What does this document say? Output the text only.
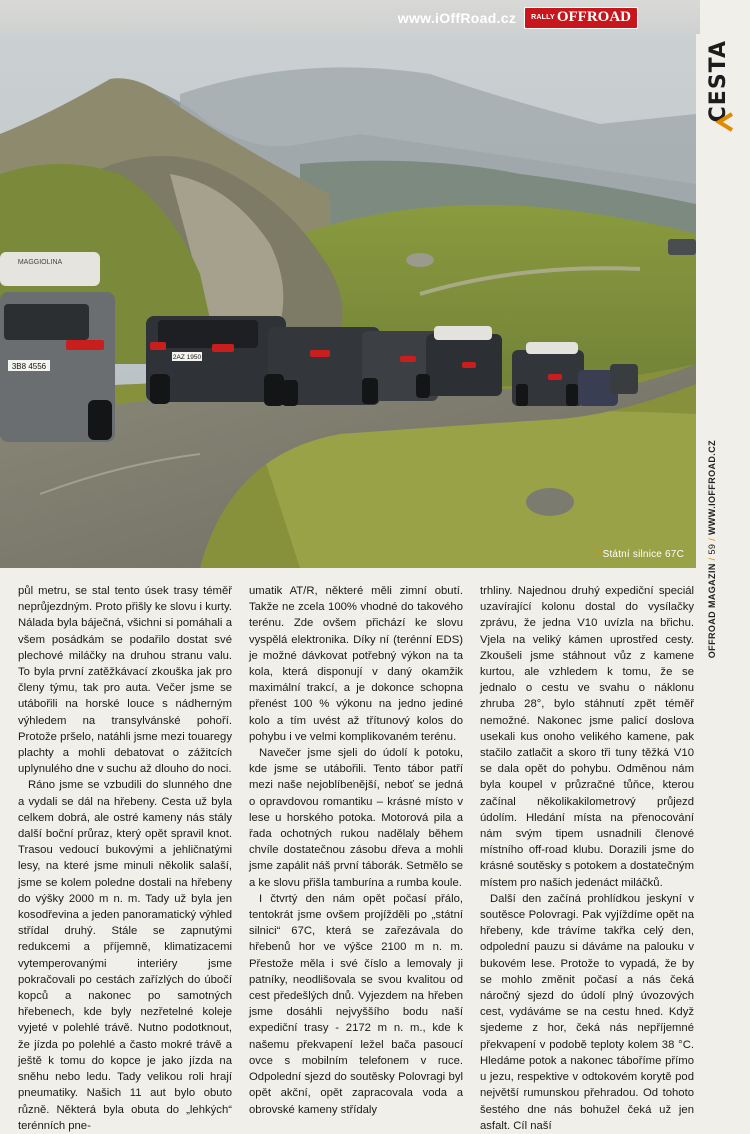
www.iOffRoad.cz RALLY OFFROAD
CESTA
OFFROAD MAGAZIN / 59 / WWW.IOFFROAD.CZ
3B8 4556
2AZ 1950
MAGGIOLINA
/ Státní silnice 67C

půl metru, se stal tento úsek trasy téměř neprůjezdným. Proto přišly ke slovu i kurty. Nálada byla báječná, všichni si pomáhali a všem posádkám se podařilo dostat své plechové miláčky na druhou stranu valu. To byla první zatěžkávací zkouška jak pro členy týmu, tak pro auta. Večer jsme se utábořili na horské louce s nádherným výhledem na transylvánské pohoří. Protože pršelo, natáhli jsme mezi touaregy plachty a mohli debatovat o zážitcích uplynulého dne v suchu až dlouho do noci.

Ráno jsme se vzbudili do slunného dne a vydali se dál na hřebeny. Cesta už byla celkem dobrá, ale ostré kameny nás stály další boční průraz, který opět spravil knot. Trasou vedoucí bukovými a jehličnatými lesy, na které jsme minuli několik salaší, jsme se kolem poledne dostali na hřebeny do výšky 2000 m n. m. Tady už byla jen kosodřevina a jeden panoramatický výhled střídal druhý. Stále se zapnutými redukcemi a příjemně, klimatizacemi vytemperovanými interiéry jsme pokračovali po cestách zařízlých do úbočí kopců a nakonec po samotných hřebenech, kde byly nezřetelné koleje vyjeté v polehlé trávě. Nutno podotknout, že jízda po polehlé a často mokré trávě a ještě k tomu do kopce je jako jízda na sněhu nebo ledu. Tady velikou roli hrají pneumatiky. Našich 11 aut bylo obuto různě. Některá byla obuta do „lehkých“ terénních pne-

umatik AT/R, některé měli zimní obutí. Takže ne zcela 100% vhodné do takového terénu. Zde ovšem přichází ke slovu vyspělá elektronika. Díky ní (terénní EDS) je možné dávkovat potřebný výkon na ta kola, která disponují v daný okamžik maximální trakcí, a je dokonce schopna přenést 100 % výkonu na jedno jediné kolo a tím uvést až třítunový kolos do pohybu i ve velmi komplikovaném terénu.

Navečer jsme sjeli do údolí k potoku, kde jsme se utábořili. Tento tábor patří mezi naše nejoblíbenější, neboť se jedná o opravdovou romantiku – krásné místo v lese u horského potoka. Motorová pila a řada ochotných rukou nadělaly během chvíle dostatečnou zásobu dřeva a mohli jsme zapálit náš první táborák. Setmělo se a ke slovu přišla tamburína a rumba koule.

I čtvrtý den nám opět počasí přálo, tentokrát jsme ovšem projížděli po „státní silnici“ 67C, která se zařezávala do hřebenů hor ve výšce 2100 m n. m. Přestože měla i své číslo a lemovaly ji patníky, neodlišovala se svou kvalitou od cest předešlých dnů. Vyjezdem na hřeben jsme dosáhli nejvyššího bodu naší expediční trasy - 2172 m n. m., kde k našemu překvapení ležel bača pasoucí ovce s mobilním telefonem v ruce. Odpolední sjezd do soutěsky Polovragi byl opět akční, opět zapracovala voda a obrovské kameny střídaly

trhliny. Najednou druhý expediční speciál uzavírající kolonu dostal do vysílačky zprávu, že jedna V10 uvízla na břichu. Vjela na veliký kámen uprostřed cesty. Zkoušeli jsme stáhnout vůz z kamene kurtou, ale vzhledem k tomu, že se jednalo o cestu ve svahu o náklonu zhruba 28°, bylo stáhnutí zpět téměř nemožné. Nakonec jsme palicí doslova usekali kus onoho velikého kamene, pak stačilo zatlačit a skoro tři tuny těžká V10 se dala opět do pohybu. Odměnou nám byla koupel v průzračné tůňce, kterou začínal několikakilometrový průjezd údolím. Hledání místa na přenocování nám svým tipem usnadnili členové místního off-road klubu. Dorazili jsme do krásné soutěsky s potokem a dostatečným místem pro našich jedenáct miláčků.

Další den začíná prohlídkou jeskyní v soutěsce Polovragi. Pak vyjíždíme opět na hřebeny, kde trávíme takřka celý den, odpolední pauzu si dáváme na palouku v bukovém lese. Protože to vypadá, že by se mohlo změnit počasí a nás čeká náročný sjezd do údolí plný úvozových cest, vydáváme se na cestu hned. Když sjedeme z hor, čeká nás nepříjemné překvapení v podobě teploty kolem 38 °C. Hledáme potok a nakonec táboříme přímo u jezu, respektive v odtokovém korytě pod největší rumunskou přehradou. Od tohoto šestého dne nás bohužel čeká už jen asfalt. Cíl naší
